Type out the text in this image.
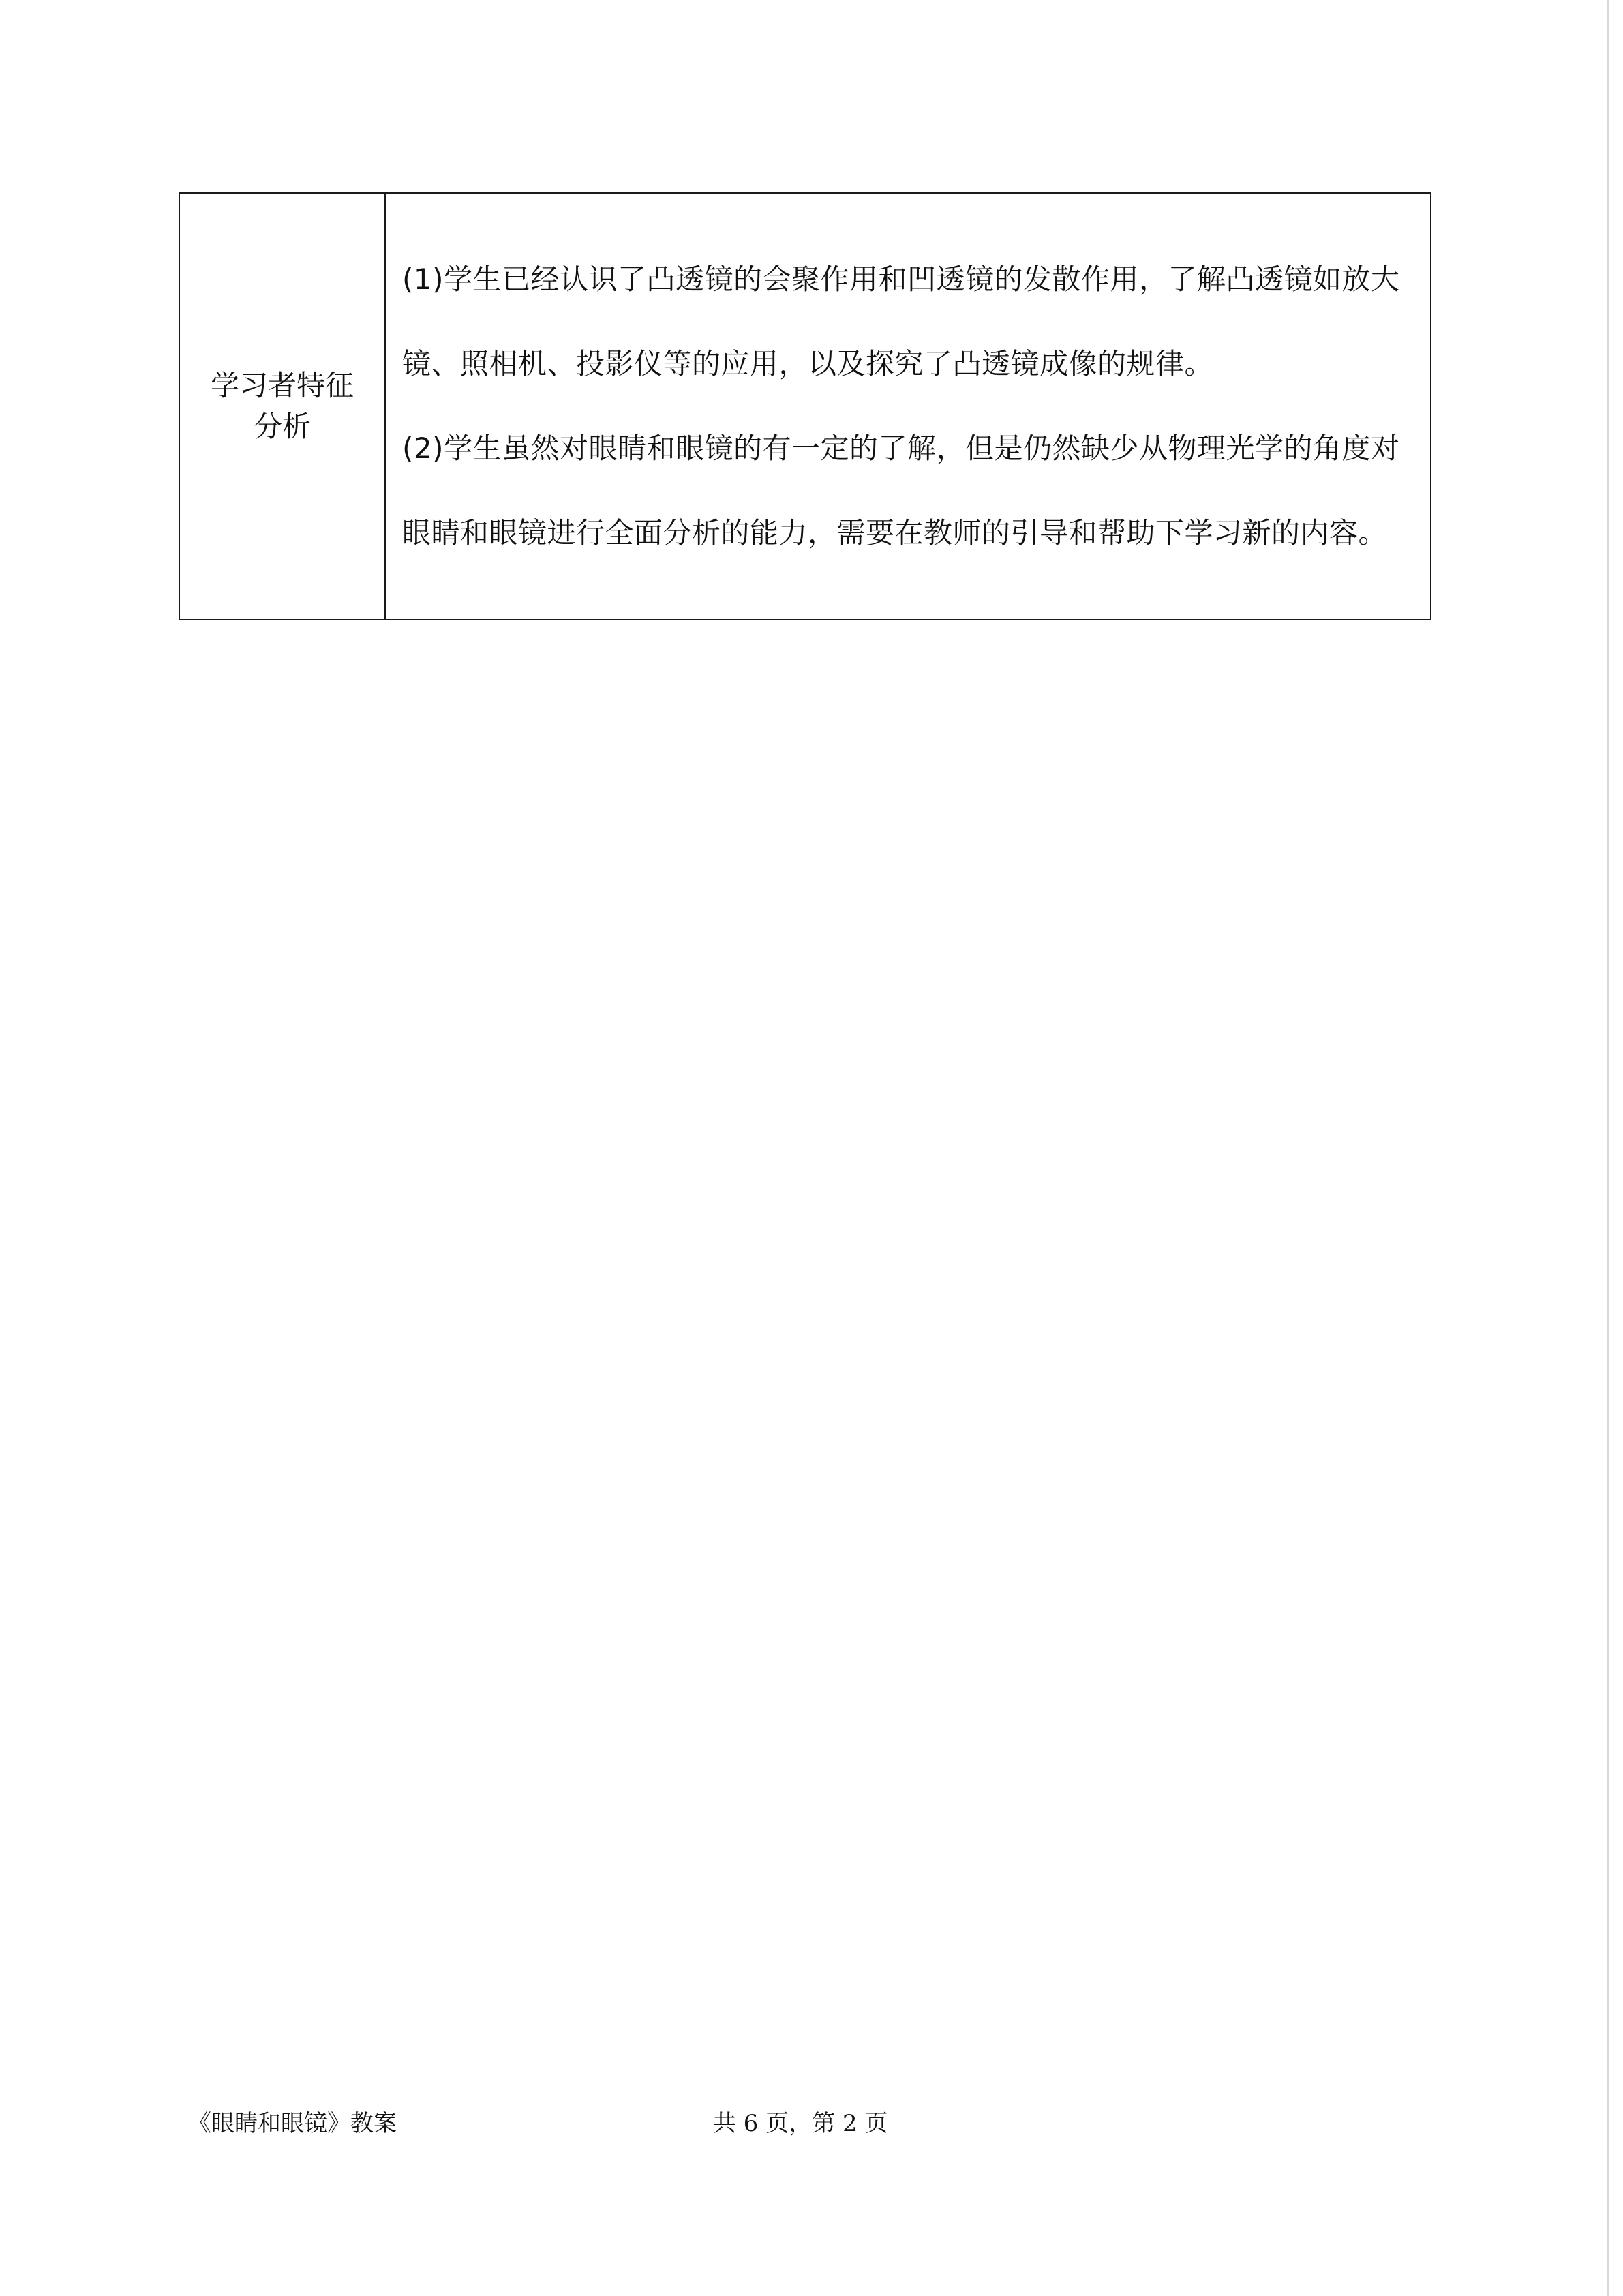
学习者特征分析	

(1)学生已经认识了凸透镜的会聚作用和凹透镜的发散作用，了解凸透镜如放大镜、照相机、投影仪等的应用，以及探究了凸透镜成像的规律。

(2)学生虽然对眼睛和眼镜的有一定的了解，但是仍然缺少从物理光学的角度对眼睛和眼镜进行全面分析的能力，需要在教师的引导和帮助下学习新的内容。

《眼睛和眼镜》教案	共 6 页，第 2 页
